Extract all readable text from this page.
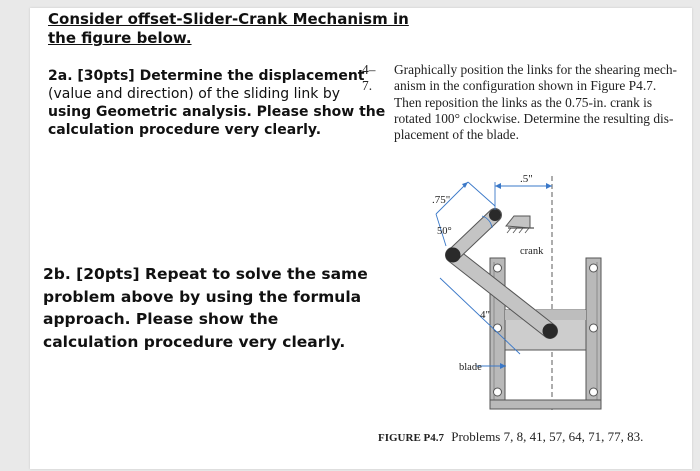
Consider offset-Slider-Crank Mechanism in
the figure below.
2a. [30pts] Determine the displacement
(value and direction) of the sliding link by
using Geometric analysis. Please show the
calculation procedure very clearly.
2b. [20pts] Repeat to solve the same
problem above by using the formula
approach. Please show the
calculation procedure very clearly.
4–7.
Graphically position the links for the shearing mech-
anism in the configuration shown in Figure P4.7.
Then reposition the links as the 0.75-in. crank is
rotated 100° clockwise. Determine the resulting dis-
placement of the blade.
.75"
.5"
50°
4"
crank
blade
FIGURE P4.7 Problems 7, 8, 41, 57, 64, 71, 77, 83.
